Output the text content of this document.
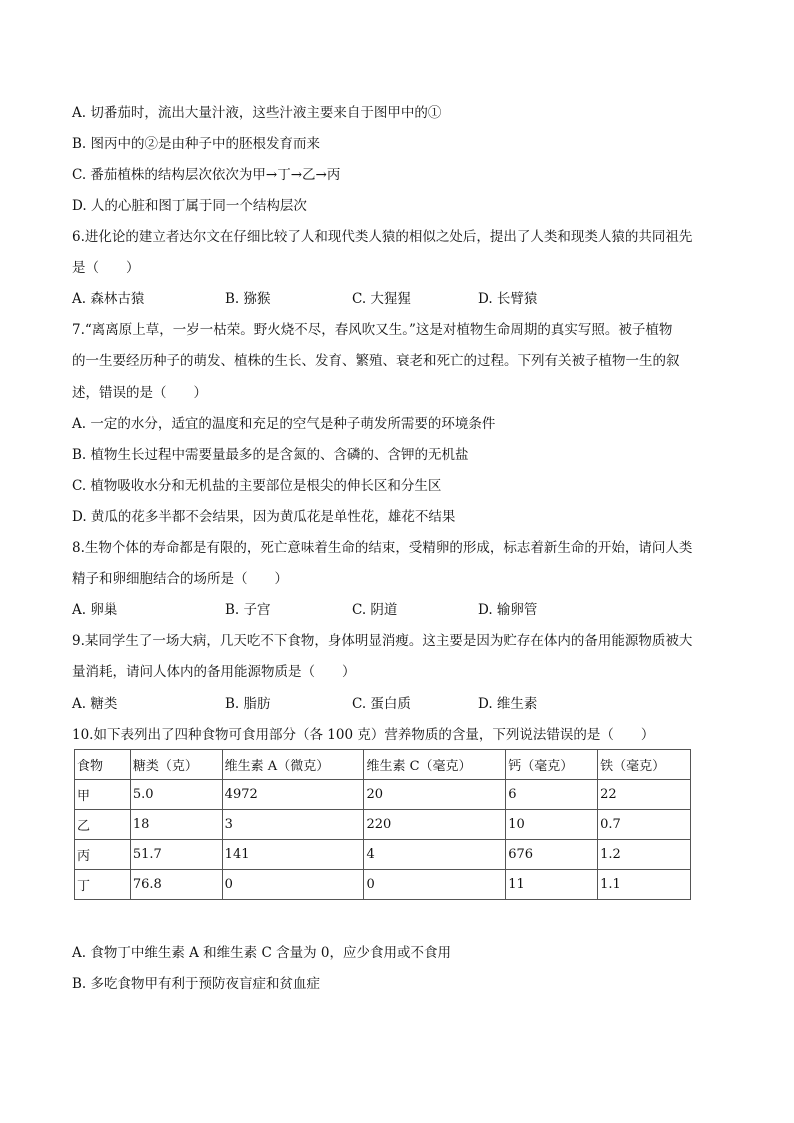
A. 切番茄时，流出大量汁液，这些汁液主要来自于图甲中的①
B. 图丙中的②是由种子中的胚根发育而来
C. 番茄植株的结构层次依次为甲→丁→乙→丙
D. 人的心脏和图丁属于同一个结构层次
6.进化论的建立者达尔文在仔细比较了人和现代类人猿的相似之处后，提出了人类和现类人猿的共同祖先
是（　　）
A. 森林古猿	B. 猕猴	C. 大猩猩	D. 长臂猿
7.“离离原上草，一岁一枯荣。野火烧不尽，春风吹又生。”这是对植物生命周期的真实写照。被子植物
的一生要经历种子的萌发、植株的生长、发育、繁殖、衰老和死亡的过程。下列有关被子植物一生的叙
述，错误的是（　　）
A. 一定的水分，适宜的温度和充足的空气是种子萌发所需要的环境条件
B. 植物生长过程中需要量最多的是含氮的、含磷的、含钾的无机盐
C. 植物吸收水分和无机盐的主要部位是根尖的伸长区和分生区
D. 黄瓜的花多半都不会结果，因为黄瓜花是单性花，雄花不结果
8.生物个体的寿命都是有限的，死亡意味着生命的结束，受精卵的形成，标志着新生命的开始，请问人类
精子和卵细胞结合的场所是（　　）
A. 卵巢	B. 子宫	C. 阴道	D. 输卵管
9.某同学生了一场大病，几天吃不下食物，身体明显消瘦。这主要是因为贮存在体内的备用能源物质被大
量消耗，请问人体内的备用能源物质是（　　）
A. 糖类	B. 脂肪	C. 蛋白质	D. 维生素
10.如下表列出了四种食物可食用部分（各 100 克）营养物质的含量，下列说法错误的是（　　）
食物	糖类（克）	维生素 A（微克）	维生素 C（毫克）	钙（毫克）	铁（毫克）
甲	5.0	4972	20	6	22
乙	18	3	220	10	0.7
丙	51.7	141	4	676	1.2
丁	76.8	0	0	11	1.1
A. 食物丁中维生素 A 和维生素 C 含量为 0，应少食用或不食用
B. 多吃食物甲有利于预防夜盲症和贫血症
